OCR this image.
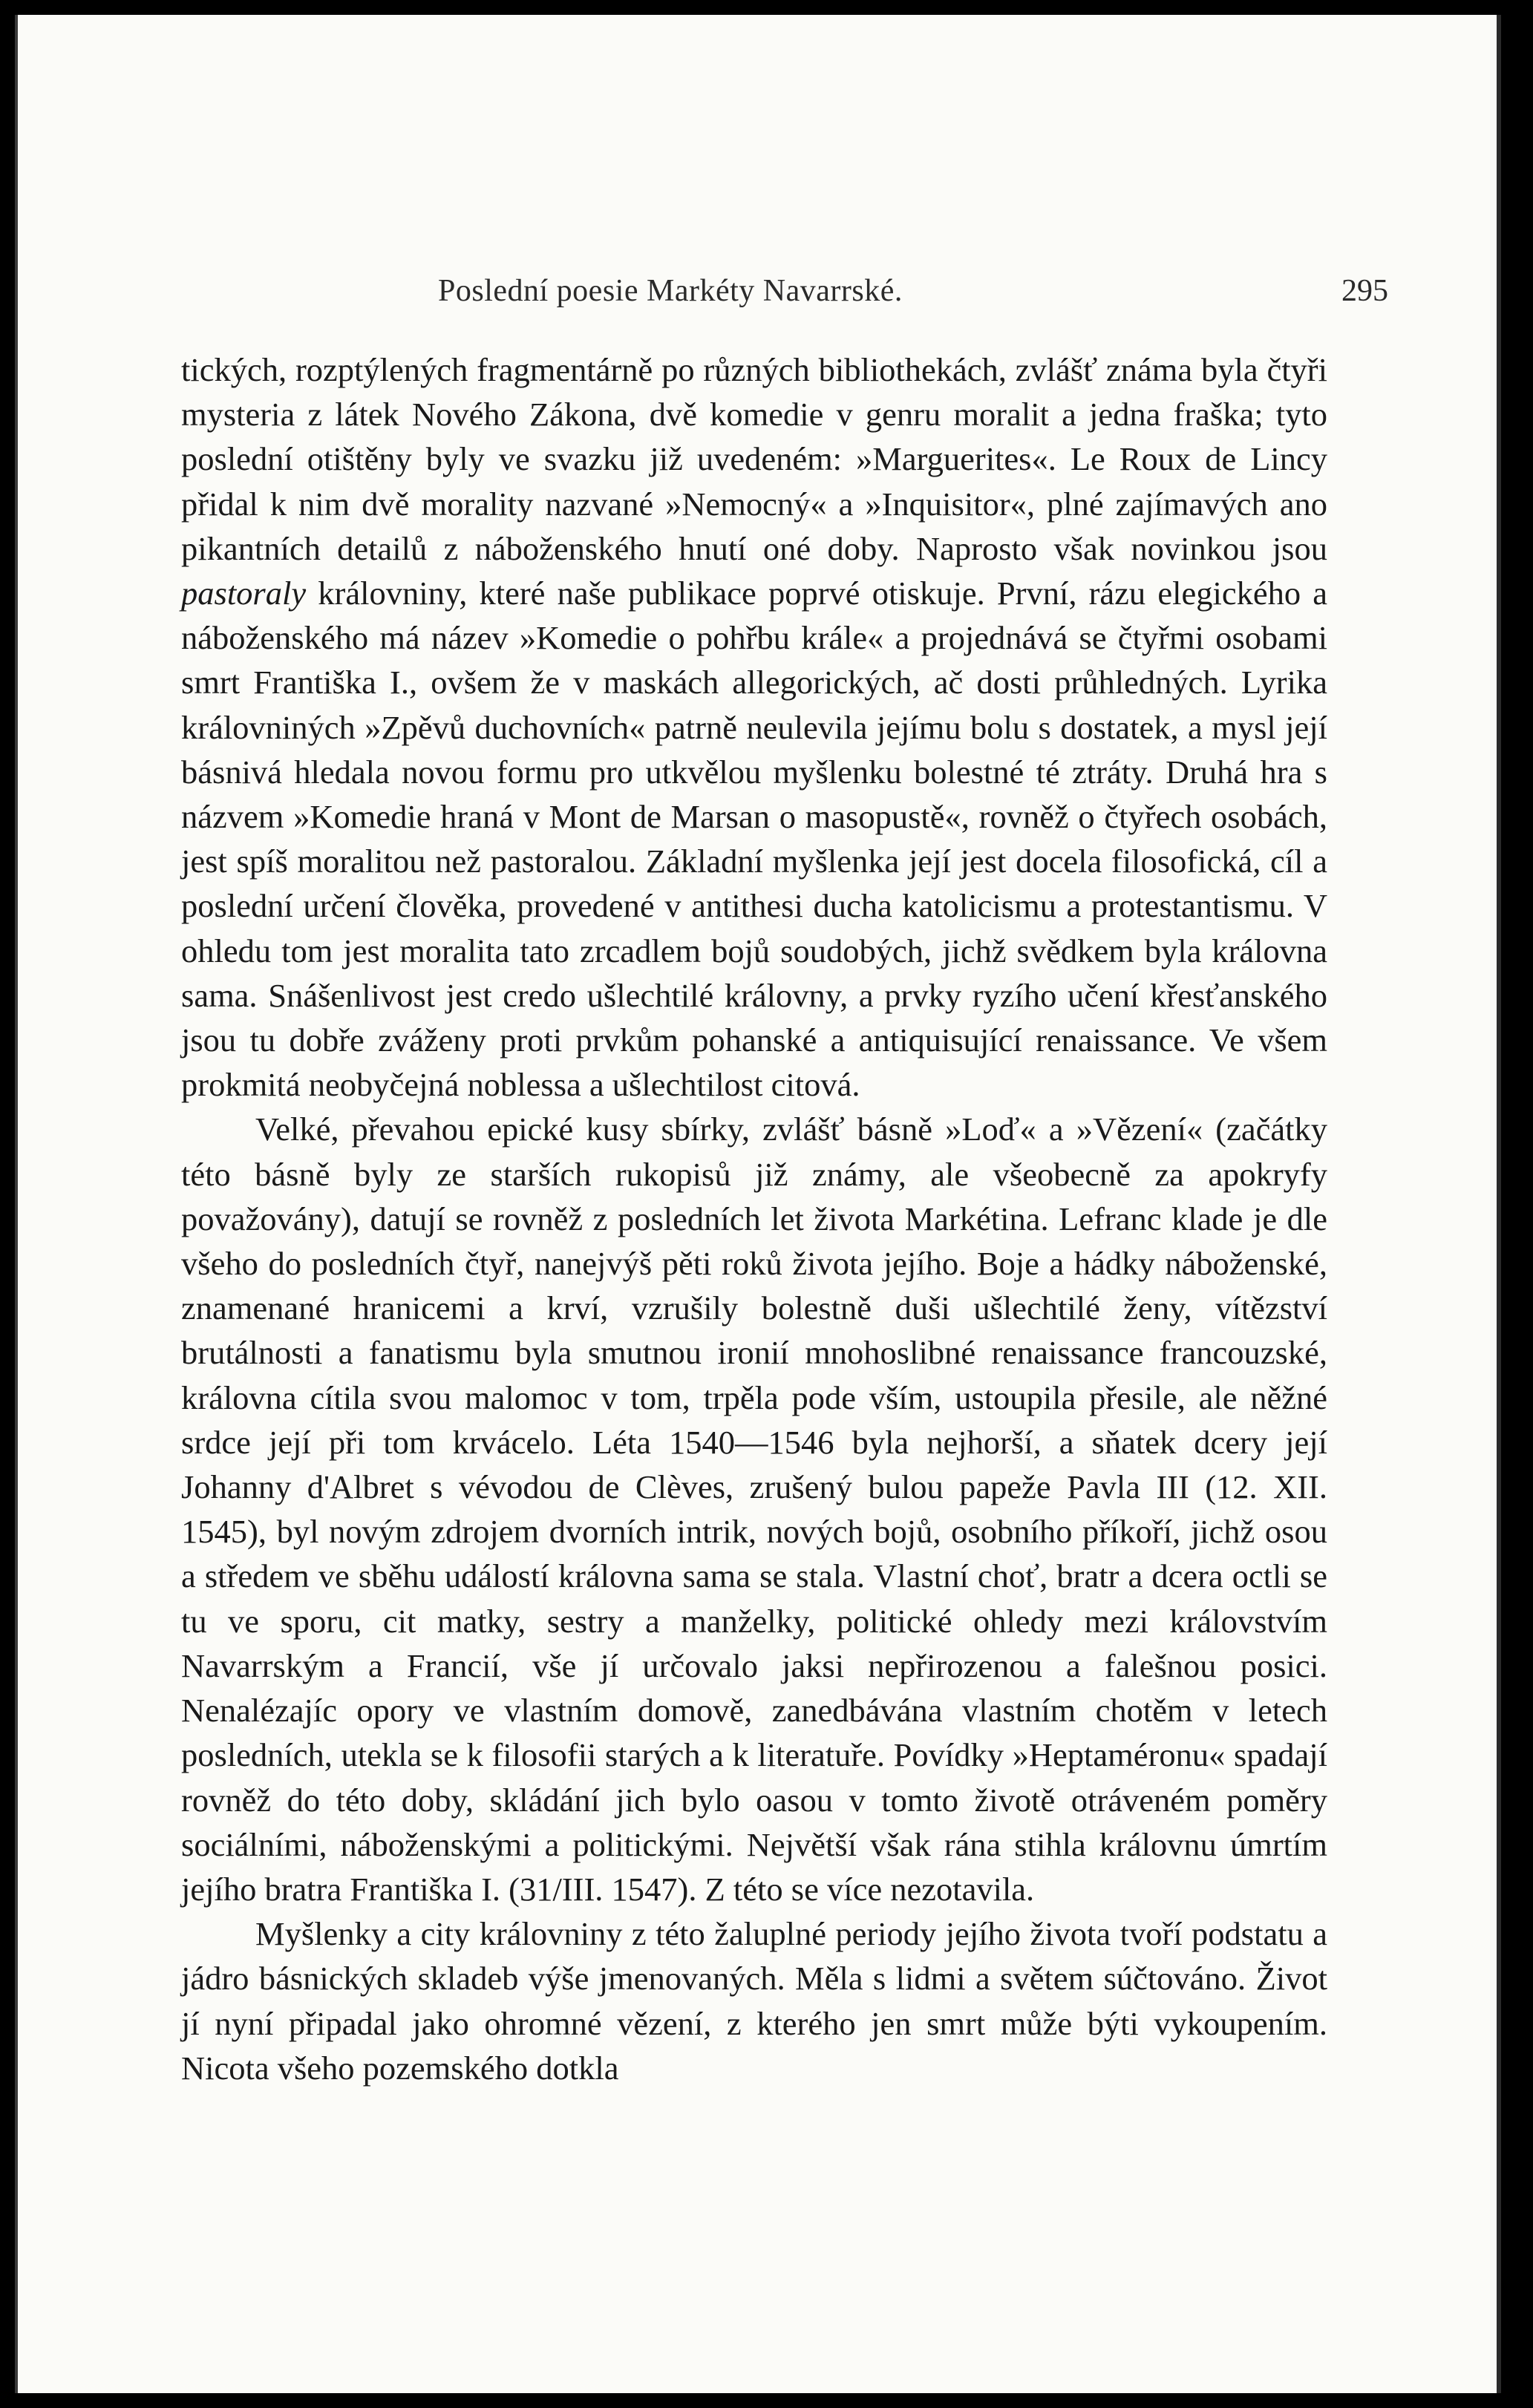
Poslední poesie Markéty Navarrské.	295

tických, rozptýlených fragmentárně po různých bibliothekách, zvlášť známa byla čtyři mysteria z látek Nového Zákona, dvě komedie v genru moralit a jedna fraška; tyto poslední otištěny byly ve svazku již uvedeném: »Marguerites«. Le Roux de Lincy přidal k nim dvě morality nazvané »Nemocný« a »Inquisitor«, plné zajímavých ano pikantních detailů z náboženského hnutí oné doby. Naprosto však novinkou jsou pastoraly královniny, které naše publikace poprvé otiskuje. První, rázu elegického a náboženského má název »Komedie o pohřbu krále« a projednává se čtyřmi osobami smrt Františka I., ovšem že v maskách allegorických, ač dosti průhledných. Lyrika královniných »Zpěvů duchovních« patrně neulevila jejímu bolu s dostatek, a mysl její básnivá hledala novou formu pro utkvělou myšlenku bolestné té ztráty. Druhá hra s názvem »Komedie hraná v Mont de Marsan o masopustě«, rovněž o čtyřech osobách, jest spíš moralitou než pastoralou. Základní myšlenka její jest docela filosofická, cíl a poslední určení člověka, provedené v antithesi ducha katolicismu a protestantismu. V ohledu tom jest moralita tato zrcadlem bojů soudobých, jichž svědkem byla královna sama. Snášenlivost jest credo ušlechtilé královny, a prvky ryzího učení křesťanského jsou tu dobře zváženy proti prvkům pohanské a antiquisující renaissance. Ve všem prokmitá neobyčejná noblessa a ušlechtilost citová.

Velké, převahou epické kusy sbírky, zvlášť básně »Loď« a »Vězení« (začátky této básně byly ze starších rukopisů již známy, ale všeobecně za apokryfy považovány), datují se rovněž z posledních let života Markétina. Lefranc klade je dle všeho do posledních čtyř, nanejvýš pěti roků života jejího. Boje a hádky náboženské, znamenané hranicemi a krví, vzrušily bolestně duši ušlechtilé ženy, vítězství brutálnosti a fanatismu byla smutnou ironií mnohoslibné renaissance francouzské, královna cítila svou malomoc v tom, trpěla pode vším, ustoupila přesile, ale něžné srdce její při tom krvácelo. Léta 1540—1546 byla nejhorší, a sňatek dcery její Johanny d'Albret s vévodou de Clèves, zrušený bulou papeže Pavla III (12. XII. 1545), byl novým zdrojem dvorních intrik, nových bojů, osobního příkoří, jichž osou a středem ve sběhu událostí královna sama se stala. Vlastní choť, bratr a dcera octli se tu ve sporu, cit matky, sestry a manželky, politické ohledy mezi královstvím Navarrským a Francií, vše jí určovalo jaksi nepřirozenou a falešnou posici. Nenalézajíc opory ve vlastním domově, zanedbávána vlastním chotěm v letech posledních, utekla se k filosofii starých a k literatuře. Povídky »Heptaméronu« spadají rovněž do této doby, skládání jich bylo oasou v tomto životě otráveném poměry sociálními, náboženskými a politickými. Největší však rána stihla královnu úmrtím jejího bratra Františka I. (31/III. 1547). Z této se více nezotavila.

Myšlenky a city královniny z této žaluplné periody jejího života tvoří podstatu a jádro básnických skladeb výše jmenovaných. Měla s lidmi a světem súčtováno. Život jí nyní připadal jako ohromné vězení, z kterého jen smrt může býti vykoupením. Nicota všeho pozemského dotkla
